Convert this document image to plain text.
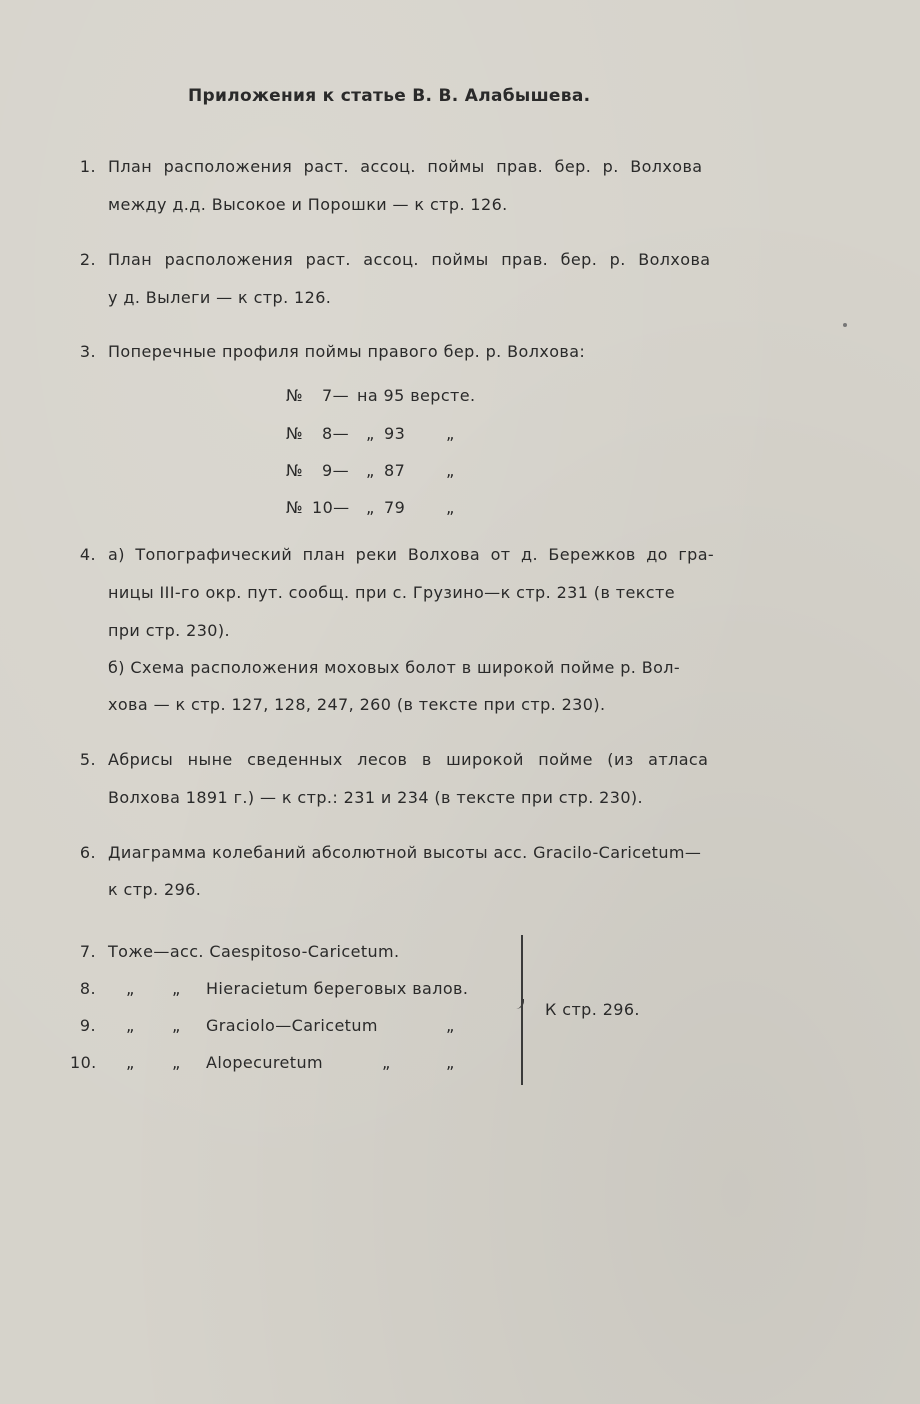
Приложения к статье В. В. Алабышева.
1. План расположения раст. ассоц. поймы прав. бер. р. Волхова
между д.д. Высокое и Порошки — к стр. 126.
2. План расположения раст. ассоц. поймы прав. бер. р. Волхова
у д. Вылеги — к стр. 126.
3. Поперечные профиля поймы правого бер. р. Волхова:
№ 7— на 95 версте.
№ 8— „ 93	„
№ 9— „ 87	„
№ 10— „ 79	„
4. а) Топографический план реки Волхова от д. Бережков до гра-
ницы III-го окр. пут. сообщ. при с. Грузино—к стр. 231 (в тексте
при стр. 230).
б) Схема расположения моховых болот в широкой пойме р. Вол-
хова — к стр. 127, 128, 247, 260 (в тексте при стр. 230).
5. Абрисы ныне сведенных лесов в широкой пойме (из атласа
Волхова 1891 г.) — к стр.: 231 и 234 (в тексте при стр. 230).
6. Диаграмма колебаний абсолютной высоты асс. Gracilo-Caricetum—
к стр. 296.
7. Тоже—асс. Caespitoso-Caricetum.
8. „ „ Hieracietum береговых валов.
9. „ „ Graciolo—Caricetum	„
10. „ „ Alopecuretum	„	„
К стр. 296.
